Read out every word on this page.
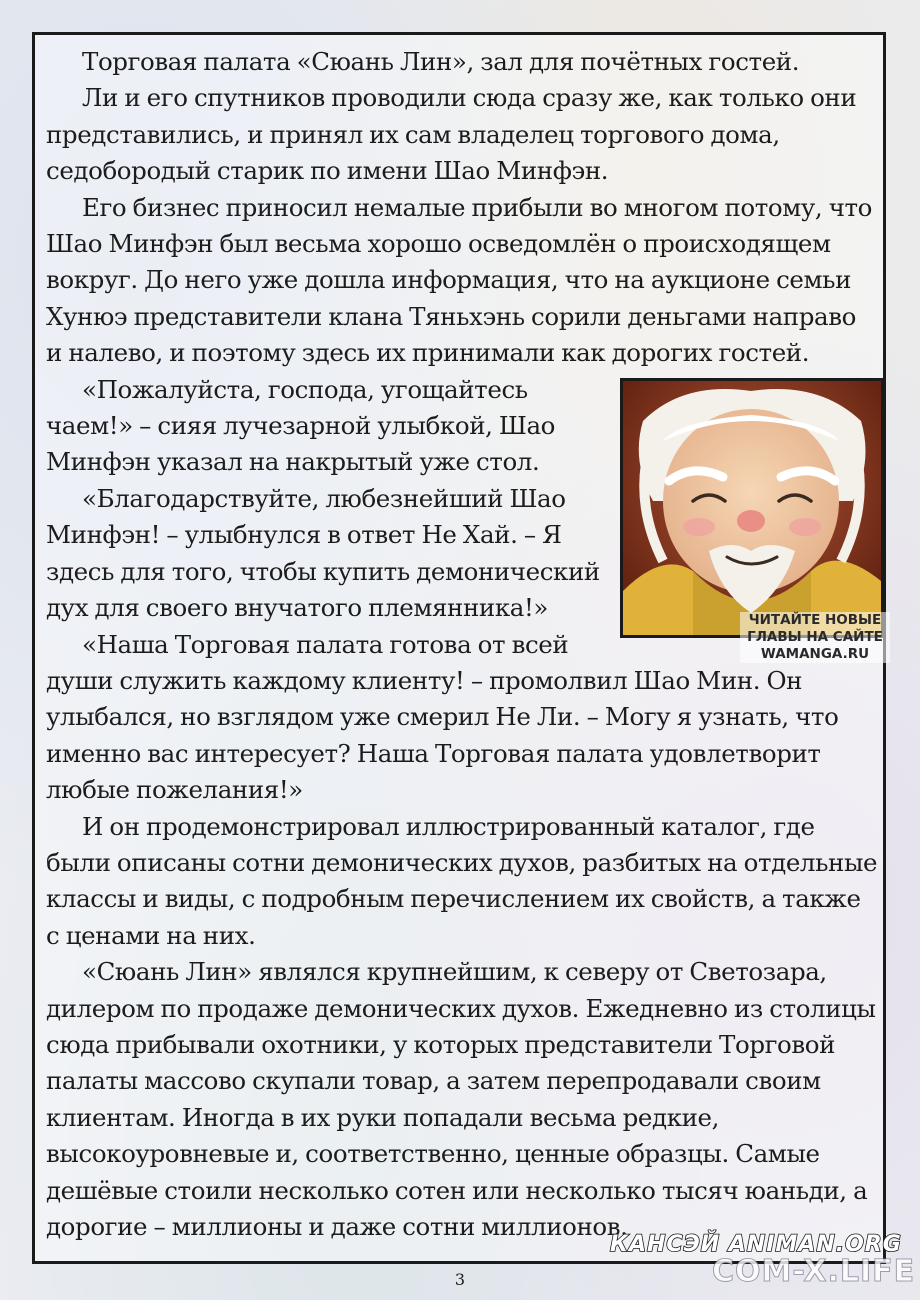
Торговая палата «Сюань Лин», зал для почётных гостей.

Ли и его спутников проводили сюда сразу же, как только они представились, и принял их сам владелец торгового дома, седобородый старик по имени Шао Минфэн.

Его бизнес приносил немалые прибыли во многом потому, что Шао Минфэн был весьма хорошо осведомлён о происходящем вокруг. До него уже дошла информация, что на аукционе семьи Хунюэ представители клана Тяньхэнь сорили деньгами направо и налево, и поэтому здесь их принимали как дорогих гостей.

«Пожалуйста, господа, угощайтесь чаем!» – сияя лучезарной улыбкой, Шао Минфэн указал на накрытый уже стол.

«Благодарствуйте, любезнейший Шао Минфэн! – улыбнулся в ответ Не Хай. – Я здесь для того, чтобы купить демонический дух для своего внучатого племянника!»

«Наша Торговая палата готова от всей души служить каждому клиенту! – промолвил Шао Мин. Он улыбался, но взглядом уже смерил Не Ли. – Могу я узнать, что именно вас интересует? Наша Торговая палата удовлетворит любые пожелания!»

И он продемонстрировал иллюстрированный каталог, где были описаны сотни демонических духов, разбитых на отдельные классы и виды, с подробным перечислением их свойств, а также с ценами на них.

«Сюань Лин» являлся крупнейшим, к северу от Светозара, дилером по продаже демонических духов. Ежедневно из столицы сюда прибывали охотники, у которых представители Торговой палаты массово скупали товар, а затем перепродавали своим клиентам. Иногда в их руки попадали весьма редкие, высокоуровневые и, соответственно, ценные образцы. Самые дешёвые стоили несколько сотен или несколько тысяч юаньди, а дорогие – миллионы и даже сотни миллионов.

ЧИТАЙТЕ НОВЫЕ
ГЛАВЫ НА САЙТЕ
WAMANGA.RU
КАНСЭЙ ANIMAN.ORG
COM-X.LIFE
3
